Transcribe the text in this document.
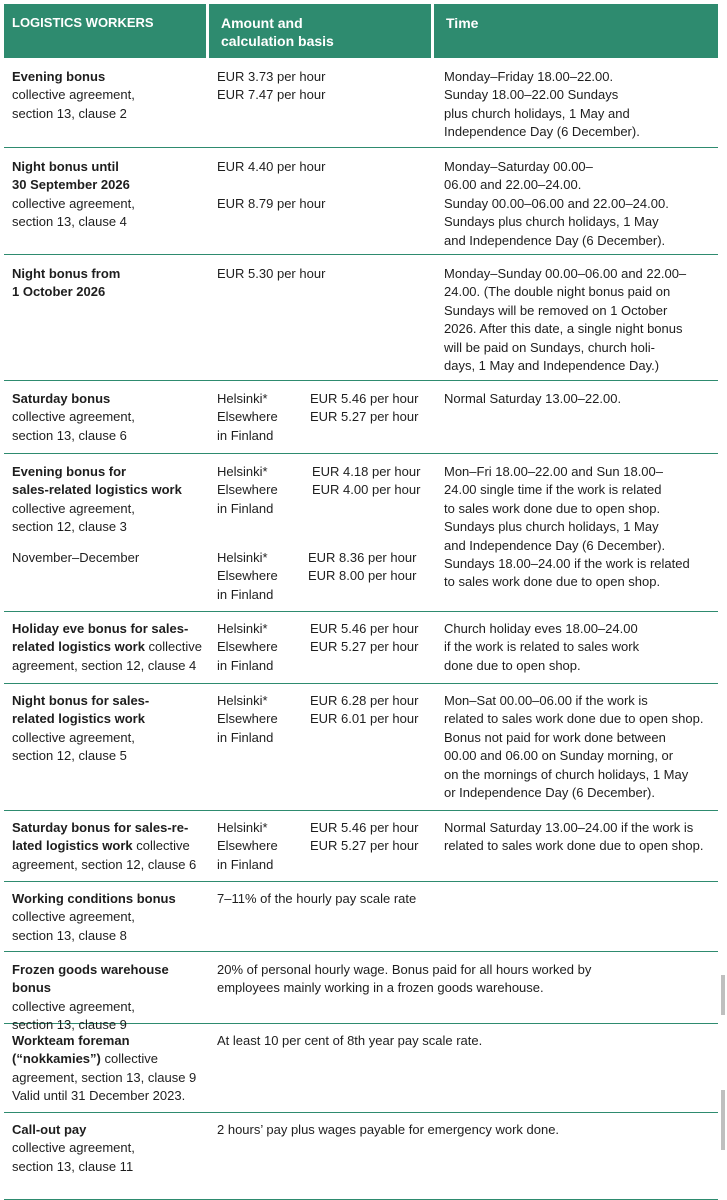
LOGISTICS WORKERS	Amount and
calculation basis
Time
Evening bonus
collective agreement,
section 13, clause 2
EUR 3.73 per hour
EUR 7.47 per hour
Monday–Friday 18.00–22.00.
Sunday 18.00–22.00 Sundays
plus church holidays, 1 May and
Independence Day (6 December).
Night bonus until
30 September 2026
collective agreement,
section 13, clause 4
EUR 4.40 per hour
EUR 8.79 per hour
Monday–Saturday 00.00–
06.00 and 22.00–24.00.
Sunday 00.00–06.00 and 22.00–24.00.
Sundays plus church holidays, 1 May
and Independence Day (6 December).
Night bonus from
1 October 2026
EUR 5.30 per hour	Monday–Sunday 00.00–06.00 and 22.00–
24.00. (The double night bonus paid on
Sundays will be removed on 1 October
2026. After this date, a single night bonus
will be paid on Sundays, church holi-
days, 1 May and Independence Day.)
Saturday bonus
collective agreement,
section 13, clause 6
Helsinki*
Elsewhere
in Finland
EUR 5.46 per hour
EUR 5.27 per hour
Normal Saturday 13.00–22.00.
Evening bonus for
sales-related logistics work
collective agreement,
section 12, clause 3
November–December
Helsinki*
Elsewhere
in Finland
EUR 4.18 per hour
EUR 4.00 per hour
Helsinki*
Elsewhere
in Finland
EUR 8.36 per hour
EUR 8.00 per hour
Mon–Fri 18.00–22.00 and Sun 18.00–
24.00 single time if the work is related
to sales work done due to open shop.
Sundays plus church holidays, 1 May
and Independence Day (6 December).
Sundays 18.00–24.00 if the work is related
to sales work done due to open shop.
Holiday eve bonus for sales-
related logistics work collective
agreement, section 12, clause 4
Helsinki*
Elsewhere
in Finland
EUR 5.46 per hour
EUR 5.27 per hour
Church holiday eves 18.00–24.00
if the work is related to sales work
done due to open shop.
Night bonus for sales-
related logistics work
collective agreement,
section 12, clause 5
Helsinki*
Elsewhere
in Finland
EUR 6.28 per hour
EUR 6.01 per hour
Mon–Sat 00.00–06.00 if the work is
related to sales work done due to open shop.
Bonus not paid for work done between
00.00 and 06.00 on Sunday morning, or
on the mornings of church holidays, 1 May
or Independence Day (6 December).
Saturday bonus for sales-re-
lated logistics work collective
agreement, section 12, clause 6
Helsinki*
Elsewhere
in Finland
EUR 5.46 per hour
EUR 5.27 per hour
Normal Saturday 13.00–24.00 if the work is
related to sales work done due to open shop.
Working conditions bonus
collective agreement,
section 13, clause 8
7–11% of the hourly pay scale rate
Frozen goods warehouse bonus
collective agreement,
section 13, clause 9
20% of personal hourly wage. Bonus paid for all hours worked by
employees mainly working in a frozen goods warehouse.
Workteam foreman
(“nokkamies”) collective
agreement, section 13, clause 9
Valid until 31 December 2023.
At least 10 per cent of 8th year pay scale rate.
Call-out pay
collective agreement,
section 13, clause 11
2 hours’ pay plus wages payable for emergency work done.
